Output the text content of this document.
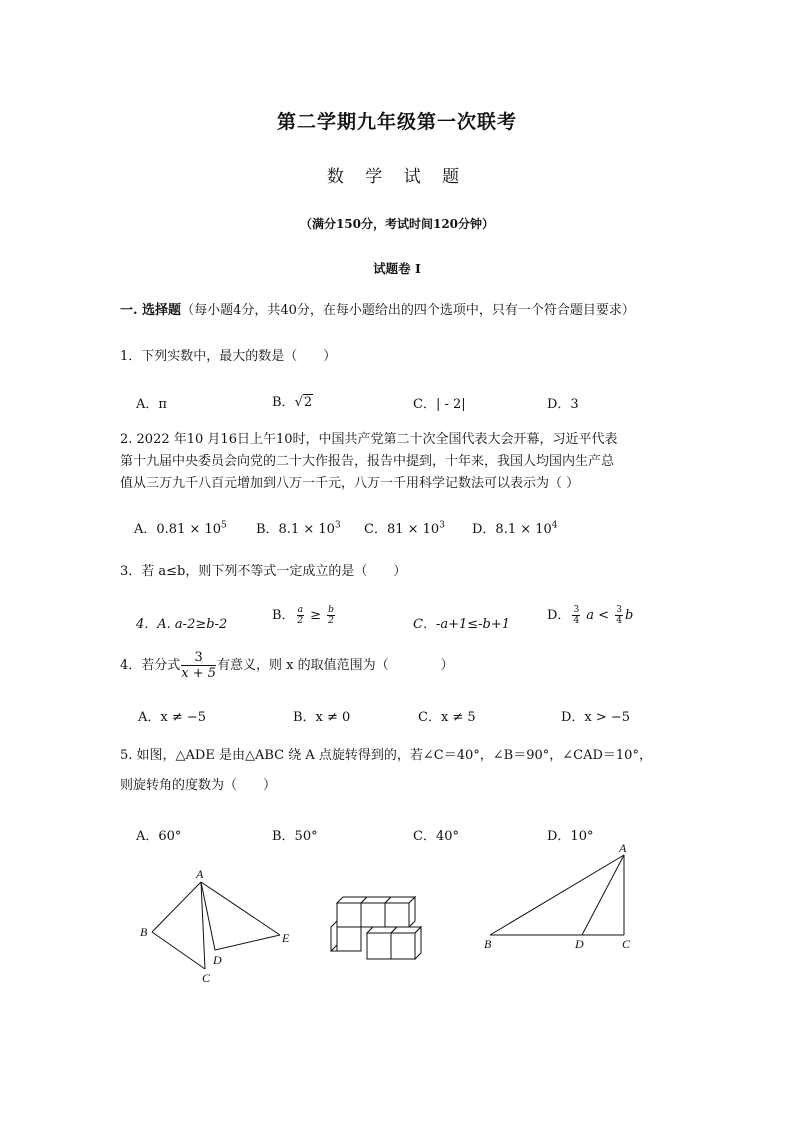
第二学期九年级第一次联考
数 学 试 题
（满分150分，考试时间120分钟）
试题卷 I
一. 选择题（每小题4分，共40分，在每小题给出的四个选项中，只有一个符合题目要求）
1．下列实数中，最大的数是（　　）
A．π	B．√2	C．| - 2|	D．3
2. 2022 年10 月16日上午10时，中国共产党第二十次全国代表大会开幕，习近平代表
第十九届中央委员会向党的二十大作报告，报告中提到，十年来，我国人均国内生产总
值从三万九千八百元增加到八万一千元，八万一千用科学记数法可以表示为（ ）
A．$0.81 \times 10^5$ B．$8.1 \times 10^3$ C．$81 \times 10^3$ D．$8.1 \times 10^4$
3．若 a≤b，则下列不等式一定成立的是（　　）
4．A. a-2≥b-2
B． $\frac{a}{2} \ge \frac{b}{2}$	C．-a+1≤-b+1
D． $\frac{3}{4}$ $a < \frac{3}{4}$ b
4．若分式 $\frac{3}{x + 5}$ 有意义，则 x 的取值范围为（　　　　）
A．x ≠ −5	B．x ≠ 0	C．x ≠ 5	D．x > −5
5. 如图，△ADE 是由△ABC 绕 A 点旋转得到的，若∠C＝40°，∠B＝90°，∠CAD＝10°，
则旋转角的度数为（　　）
A．60°	B．50°	C．40°	D．10°
A
B
C
D
E
A
B	C
D
